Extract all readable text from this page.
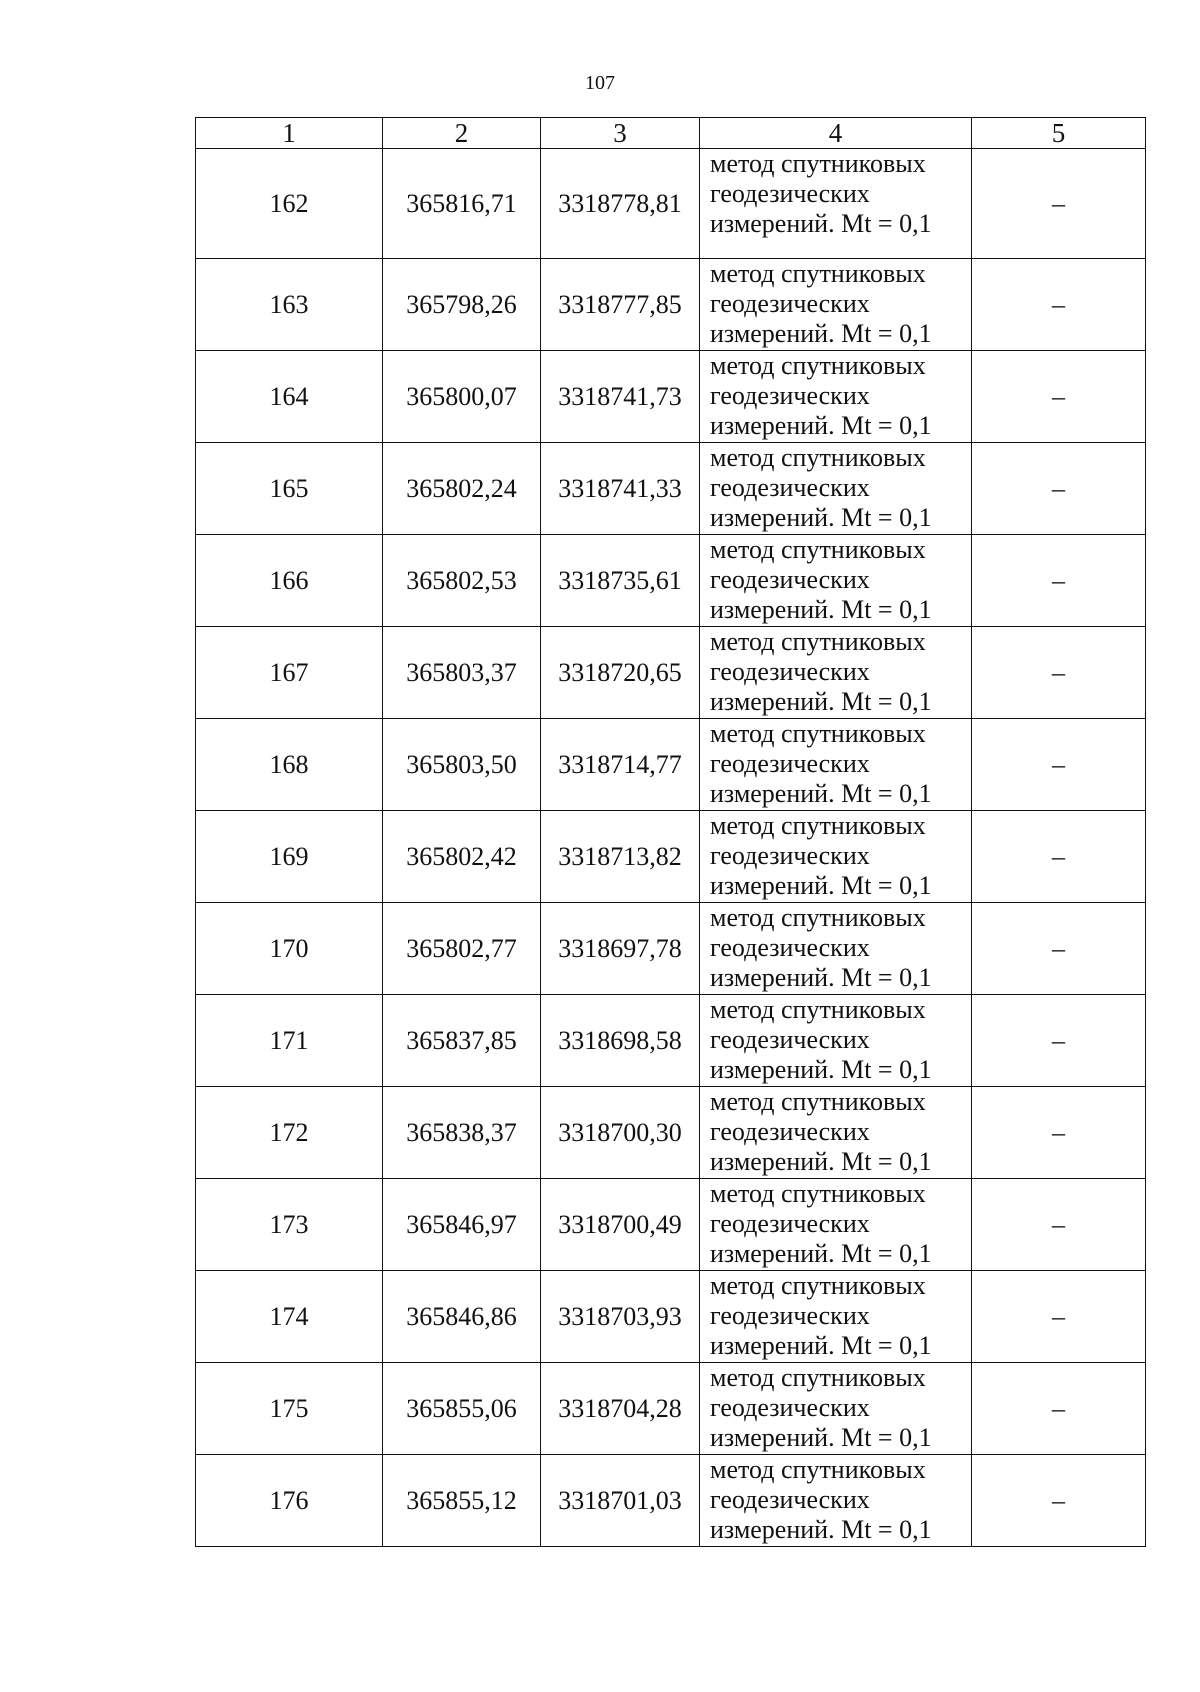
107
1	2	3	4	5
162	365816,71	3318778,81	метод спутниковых
геодезических
измерений. Mt = 0,1	–
163	365798,26	3318777,85	метод спутниковых
геодезических
измерений. Mt = 0,1	–
164	365800,07	3318741,73	метод спутниковых
геодезических
измерений. Mt = 0,1	–
165	365802,24	3318741,33	метод спутниковых
геодезических
измерений. Mt = 0,1	–
166	365802,53	3318735,61	метод спутниковых
геодезических
измерений. Mt = 0,1	–
167	365803,37	3318720,65	метод спутниковых
геодезических
измерений. Mt = 0,1	–
168	365803,50	3318714,77	метод спутниковых
геодезических
измерений. Mt = 0,1	–
169	365802,42	3318713,82	метод спутниковых
геодезических
измерений. Mt = 0,1	–
170	365802,77	3318697,78	метод спутниковых
геодезических
измерений. Mt = 0,1	–
171	365837,85	3318698,58	метод спутниковых
геодезических
измерений. Mt = 0,1	–
172	365838,37	3318700,30	метод спутниковых
геодезических
измерений. Mt = 0,1	–
173	365846,97	3318700,49	метод спутниковых
геодезических
измерений. Mt = 0,1	–
174	365846,86	3318703,93	метод спутниковых
геодезических
измерений. Mt = 0,1	–
175	365855,06	3318704,28	метод спутниковых
геодезических
измерений. Mt = 0,1	–
176	365855,12	3318701,03	метод спутниковых
геодезических
измерений. Mt = 0,1	–
